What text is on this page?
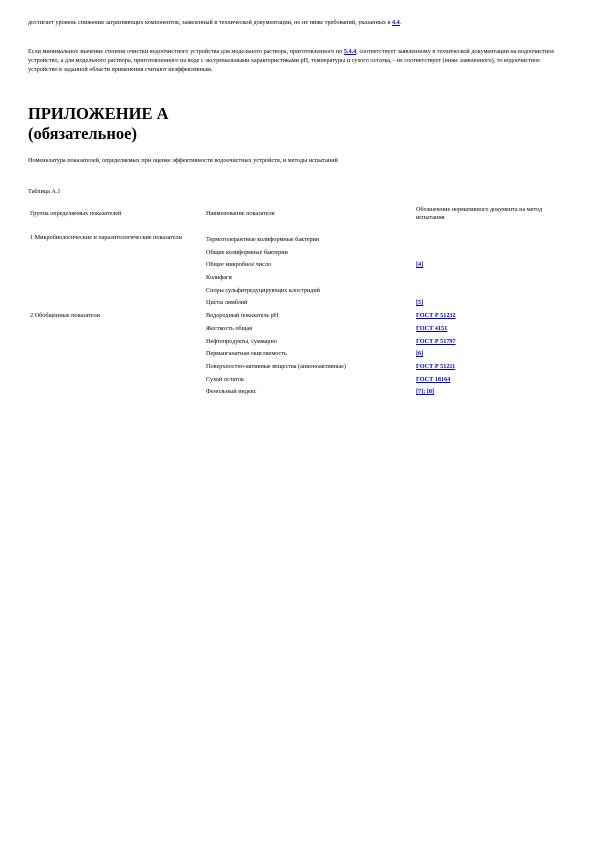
достигает уровень снижения загрязняющих компонентов, заявленный в технической документации, но не ниже требований, указанных в 4.4.
Если минимальное значение степени очистки водоочистного устройства для модельного раствора, приготовленного по 5.4.4, соответствует заявленному в технической документации на водоочистное устройство, а для модельного раствора, приготовленного на воде с экстремальными характеристиками pH, температуры и сухого остатка, - не соответствует (ниже заявленного), то водоочистное устройство в заданной области применения считают неэффективным.
ПРИЛОЖЕНИЕ А
(обязательное)
Номенклатура показателей, определяемых при оценке эффективности водоочистных устройств, и методы испытаний
Таблица А.1
Группа определяемых показателей	Наименование показателя	Обозначение нормативного документа на метод испытания
1 Микробиологические и паразитологические показатели	Термотолерантные колиформные бактерии	
	Общие колиформные бактерии	
	Общее микробное число	[4]
	Колифаги	
	Споры сульфитредуцирующих клостридий	
	Цисты лямблий	[5]
2 Обобщенные показатели	Водородный показатель pH	ГОСТ Р 51232
	Жесткость общая	ГОСТ 4151
	Нефтепродукты, суммарно	ГОСТ Р 51797
	Перманганатная окисляемость	[6]
	Поверхностно-активные вещества (анионоактивные)	ГОСТ Р 51211
	Сухой остаток	ГОСТ 18164
	Фенольный индекс	[7]; [8]
